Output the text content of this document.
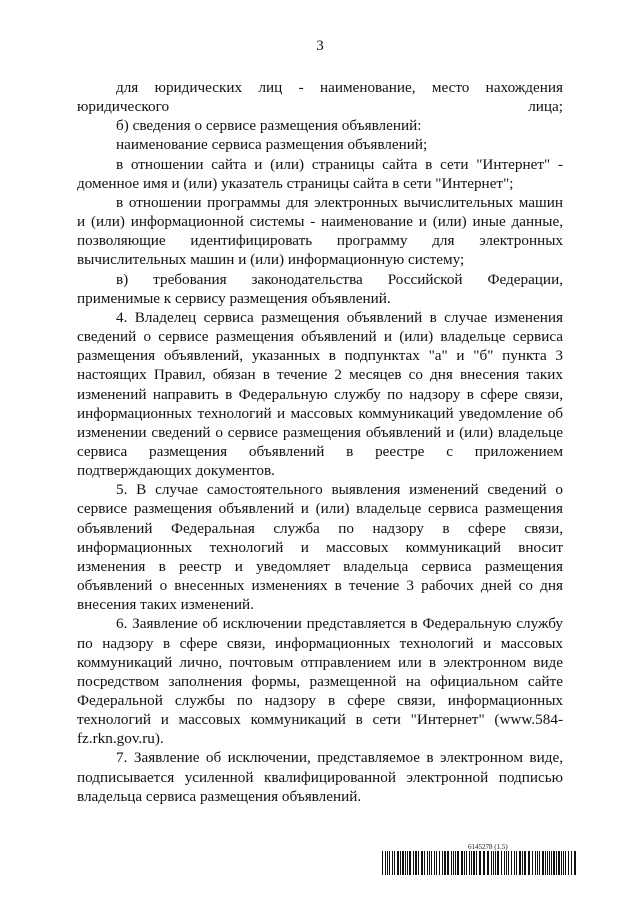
3

для юридических лиц - наименование, место нахождения юридического лица;

б) сведения о сервисе размещения объявлений:

наименование сервиса размещения объявлений;

в отношении сайта и (или) страницы сайта в сети "Интернет" - доменное имя и (или) указатель страницы сайта в сети "Интернет";

в отношении программы для электронных вычислительных машин и (или) информационной системы - наименование и (или) иные данные, позволяющие идентифицировать программу для электронных вычислительных машин и (или) информационную систему;

в) требования законодательства Российской Федерации, применимые к сервису размещения объявлений.

4. Владелец сервиса размещения объявлений в случае изменения сведений о сервисе размещения объявлений и (или) владельце сервиса размещения объявлений, указанных в подпунктах "а" и "б" пункта 3 настоящих Правил, обязан в течение 2 месяцев со дня внесения таких изменений направить в Федеральную службу по надзору в сфере связи, информационных технологий и массовых коммуникаций уведомление об изменении сведений о сервисе размещения объявлений и (или) владельце сервиса размещения объявлений в реестре с приложением подтверждающих документов.

5. В случае самостоятельного выявления изменений сведений о сервисе размещения объявлений и (или) владельце сервиса размещения объявлений Федеральная служба по надзору в сфере связи, информационных технологий и массовых коммуникаций вносит изменения в реестр и уведомляет владельца сервиса размещения объявлений о внесенных изменениях в течение 3 рабочих дней со дня внесения таких изменений.

6. Заявление об исключении представляется в Федеральную службу по надзору в сфере связи, информационных технологий и массовых коммуникаций лично, почтовым отправлением или в электронном виде посредством заполнения формы, размещенной на официальном сайте Федеральной службы по надзору в сфере связи, информационных технологий и массовых коммуникаций в сети "Интернет" (www.584-fz.rkn.gov.ru).

7. Заявление об исключении, представляемое в электронном виде, подписывается усиленной квалифицированной электронной подписью владельца сервиса размещения объявлений.

6145278 (1.5)
